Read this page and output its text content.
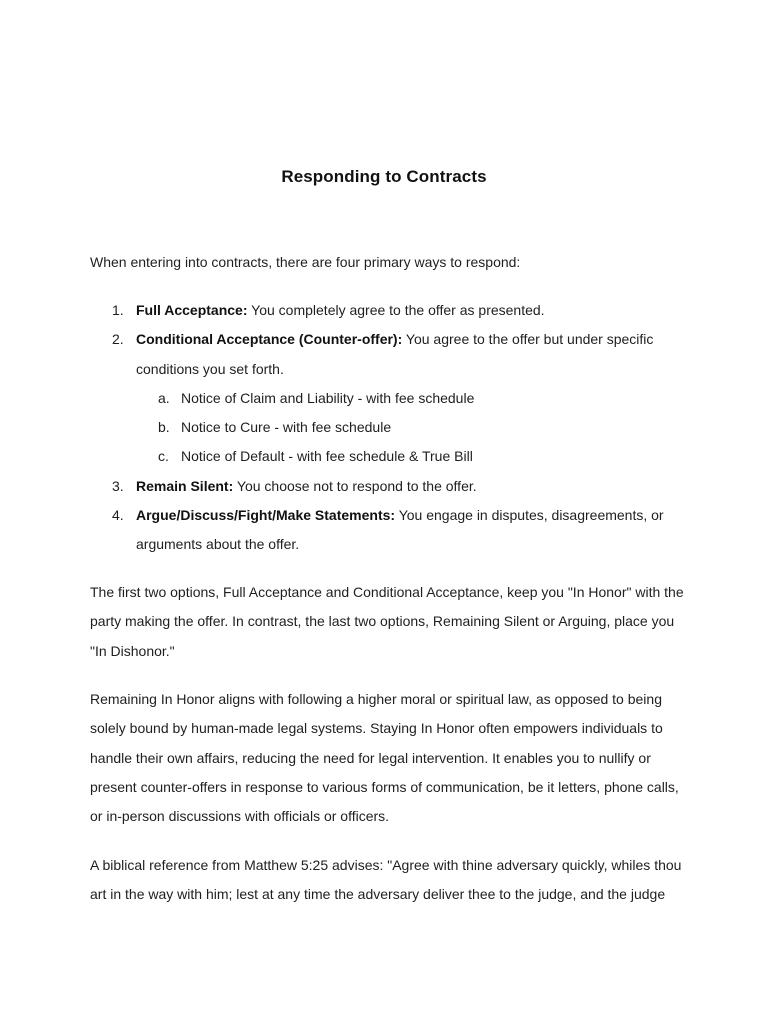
Responding to Contracts

When entering into contracts, there are four primary ways to respond:

1. Full Acceptance: You completely agree to the offer as presented.
2. Conditional Acceptance (Counter-offer): You agree to the offer but under specific conditions you set forth.
a. Notice of Claim and Liability - with fee schedule
b. Notice to Cure - with fee schedule
c. Notice of Default - with fee schedule & True Bill
3. Remain Silent: You choose not to respond to the offer.
4. Argue/Discuss/Fight/Make Statements: You engage in disputes, disagreements, or arguments about the offer.

The first two options, Full Acceptance and Conditional Acceptance, keep you "In Honor" with the party making the offer. In contrast, the last two options, Remaining Silent or Arguing, place you "In Dishonor."

Remaining In Honor aligns with following a higher moral or spiritual law, as opposed to being solely bound by human-made legal systems. Staying In Honor often empowers individuals to handle their own affairs, reducing the need for legal intervention. It enables you to nullify or present counter-offers in response to various forms of communication, be it letters, phone calls, or in-person discussions with officials or officers.

A biblical reference from Matthew 5:25 advises: "Agree with thine adversary quickly, whiles thou art in the way with him; lest at any time the adversary deliver thee to the judge, and the judge
